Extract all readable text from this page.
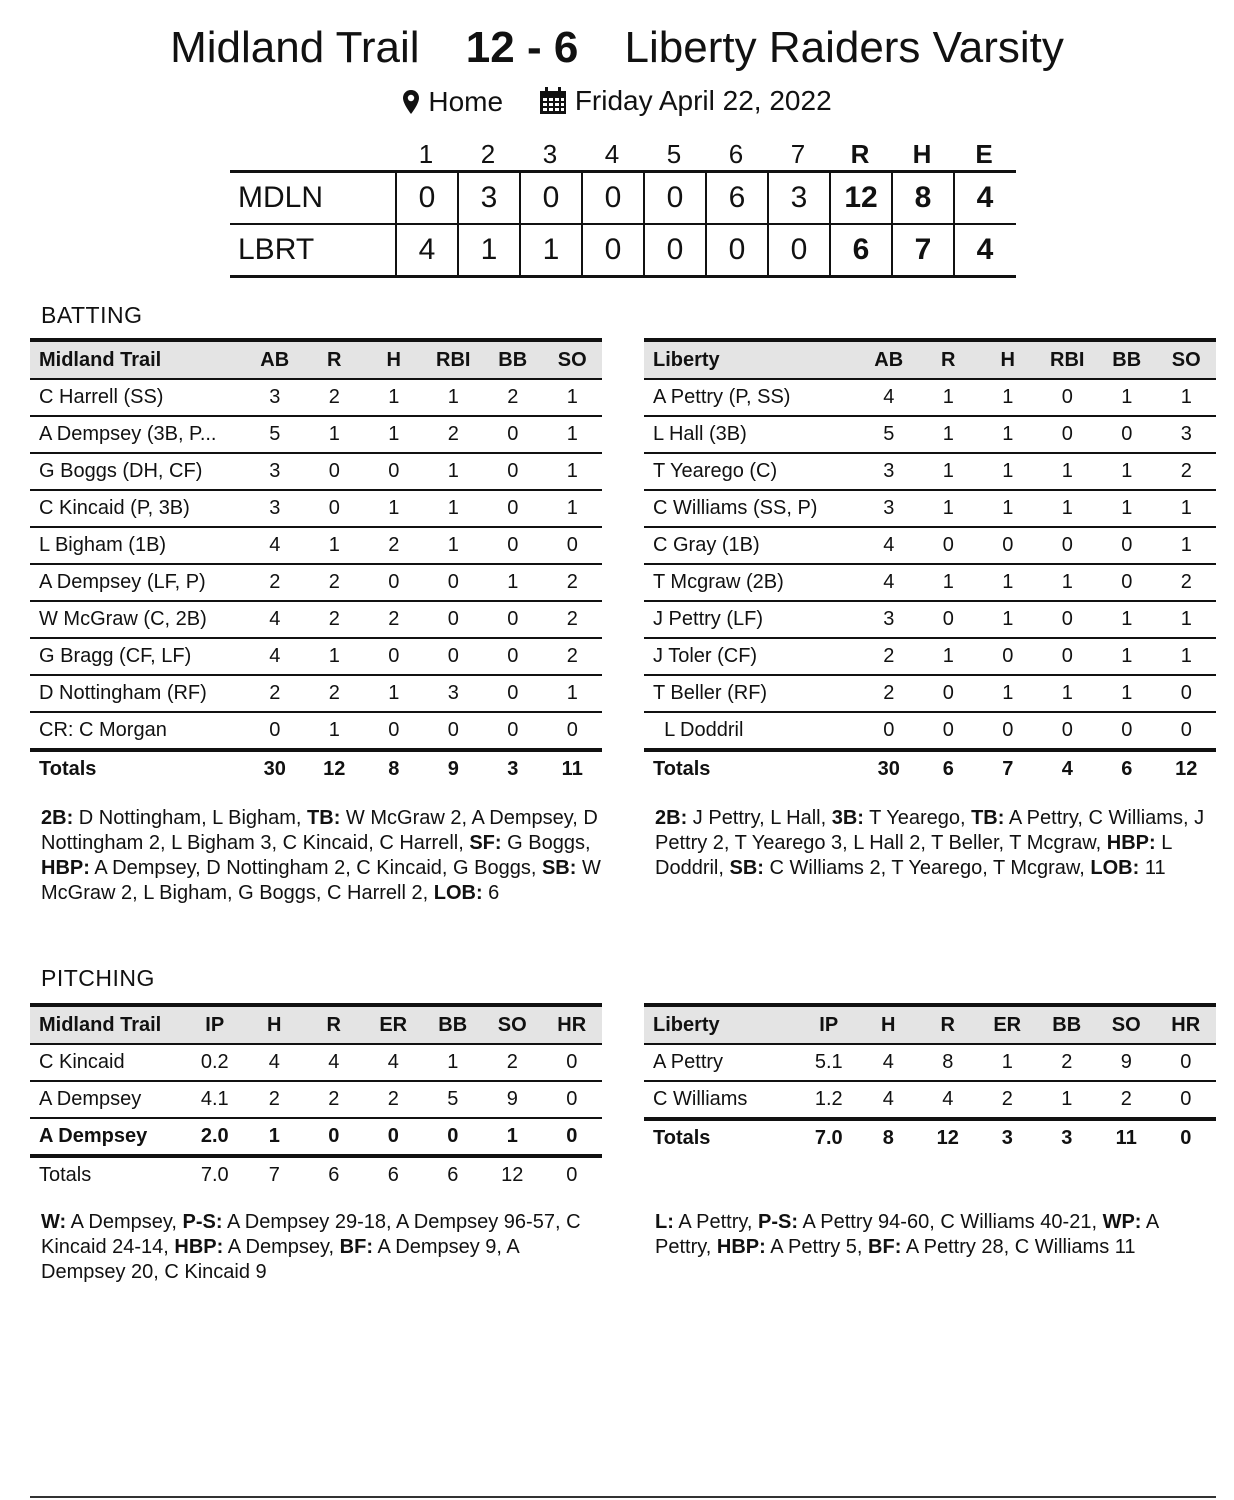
Midland Trail 12 - 6 Liberty Raiders Varsity
Home
	Friday April 22, 2022
1	2	3	4	5	6	7	R	H	E
MDLN	0	3	0	0	0	6	3	12	8	4
LBRT	4	1	1	0	0	0	0	6	7	4
BATTING
Midland Trail	AB	R	H	RBI	BB	SO
C Harrell (SS)	3	2	1	1	2	1
A Dempsey (3B, P...	5	1	1	2	0	1
G Boggs (DH, CF)	3	0	0	1	0	1
C Kincaid (P, 3B)	3	0	1	1	0	1
L Bigham (1B)	4	1	2	1	0	0
A Dempsey (LF, P)	2	2	0	0	1	2
W McGraw (C, 2B)	4	2	2	0	0	2
G Bragg (CF, LF)	4	1	0	0	0	2
D Nottingham (RF)	2	2	1	3	0	1
CR: C Morgan	0	1	0	0	0	0
Totals	30	12	8	9	3	11
Liberty	AB	R	H	RBI	BB	SO
A Pettry (P, SS)	4	1	1	0	1	1
L Hall (3B)	5	1	1	0	0	3
T Yearego (C)	3	1	1	1	1	2
C Williams (SS, P)	3	1	1	1	1	1
C Gray (1B)	4	0	0	0	0	1
T Mcgraw (2B)	4	1	1	1	0	2
J Pettry (LF)	3	0	1	0	1	1
J Toler (CF)	2	1	0	0	1	1
T Beller (RF)	2	0	1	1	1	0
L Doddril	0	0	0	0	0	0
Totals	30	6	7	4	6	12
2B: D Nottingham, L Bigham, TB: W McGraw 2, A Dempsey, D Nottingham 2, L Bigham 3, C Kincaid, C Harrell, SF: G Boggs, HBP: A Dempsey, D Nottingham 2, C Kincaid, G Boggs, SB: W McGraw 2, L Bigham, G Boggs, C Harrell 2, LOB: 6
2B: J Pettry, L Hall, 3B: T Yearego, TB: A Pettry, C Williams, J Pettry 2, T Yearego 3, L Hall 2, T Beller, T Mcgraw, HBP: L Doddril, SB: C Williams 2, T Yearego, T Mcgraw, LOB: 11
PITCHING
Midland Trail	IP	H	R	ER	BB	SO	HR
C Kincaid	0.2	4	4	4	1	2	0
A Dempsey	4.1	2	2	2	5	9	0
A Dempsey	2.0	1	0	0	0	1	0
Totals	7.0	7	6	6	6	12	0
Liberty	IP	H	R	ER	BB	SO	HR
A Pettry	5.1	4	8	1	2	9	0
C Williams	1.2	4	4	2	1	2	0
Totals	7.0	8	12	3	3	11	0
W: A Dempsey, P-S: A Dempsey 29-18, A Dempsey 96-57, C Kincaid 24-14, HBP: A Dempsey, BF: A Dempsey 9, A Dempsey 20, C Kincaid 9
L: A Pettry, P-S: A Pettry 94-60, C Williams 40-21, WP: A Pettry, HBP: A Pettry 5, BF: A Pettry 28, C Williams 11
